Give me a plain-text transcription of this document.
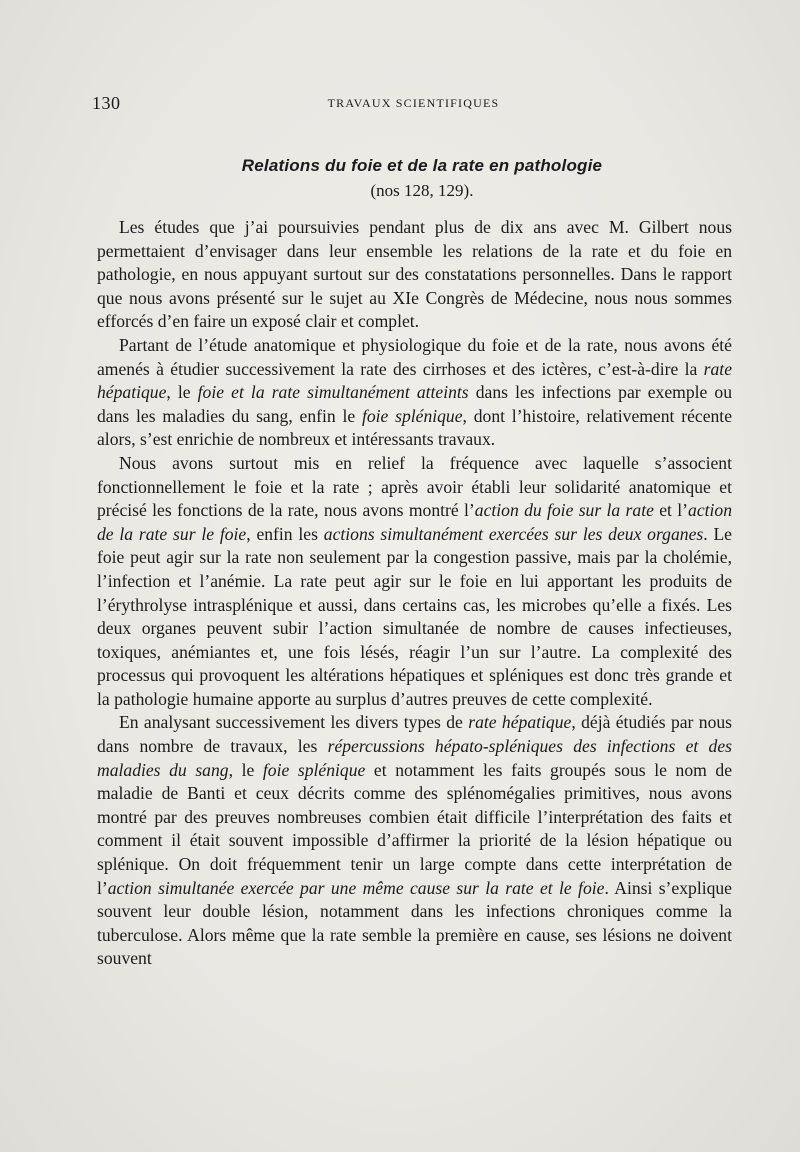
130	TRAVAUX SCIENTIFIQUES
Relations du foie et de la rate en pathologie
(nos 128, 129).

Les études que j’ai poursuivies pendant plus de dix ans avec M. Gilbert nous permettaient d’envisager dans leur ensemble les relations de la rate et du foie en pathologie, en nous appuyant surtout sur des constatations personnelles. Dans le rapport que nous avons présenté sur le sujet au XIe Congrès de Médecine, nous nous sommes efforcés d’en faire un exposé clair et complet.

Partant de l’étude anatomique et physiologique du foie et de la rate, nous avons été amenés à étudier successivement la rate des cirrhoses et des ictères, c’est-à-dire la rate hépatique, le foie et la rate simultanément atteints dans les infections par exemple ou dans les maladies du sang, enfin le foie splénique, dont l’histoire, relativement récente alors, s’est enrichie de nombreux et intéressants travaux.

Nous avons surtout mis en relief la fréquence avec laquelle s’associent fonctionnellement le foie et la rate ; après avoir établi leur solidarité anatomique et précisé les fonctions de la rate, nous avons montré l’action du foie sur la rate et l’action de la rate sur le foie, enfin les actions simultanément exercées sur les deux organes. Le foie peut agir sur la rate non seulement par la congestion passive, mais par la cholémie, l’infection et l’anémie. La rate peut agir sur le foie en lui apportant les produits de l’érythrolyse intrasplénique et aussi, dans certains cas, les microbes qu’elle a fixés. Les deux organes peuvent subir l’action simultanée de nombre de causes infectieuses, toxiques, anémiantes et, une fois lésés, réagir l’un sur l’autre. La complexité des processus qui provoquent les altérations hépatiques et spléniques est donc très grande et la pathologie humaine apporte au surplus d’autres preuves de cette complexité.

En analysant successivement les divers types de rate hépatique, déjà étudiés par nous dans nombre de travaux, les répercussions hépato-spléniques des infections et des maladies du sang, le foie splénique et notamment les faits groupés sous le nom de maladie de Banti et ceux décrits comme des splénomégalies primitives, nous avons montré par des preuves nombreuses combien était difficile l’interprétation des faits et comment il était souvent impossible d’affirmer la priorité de la lésion hépatique ou splénique. On doit fréquemment tenir un large compte dans cette interprétation de l’action simultanée exercée par une même cause sur la rate et le foie. Ainsi s’explique souvent leur double lésion, notamment dans les infections chroniques comme la tuberculose. Alors même que la rate semble la première en cause, ses lésions ne doivent souvent
